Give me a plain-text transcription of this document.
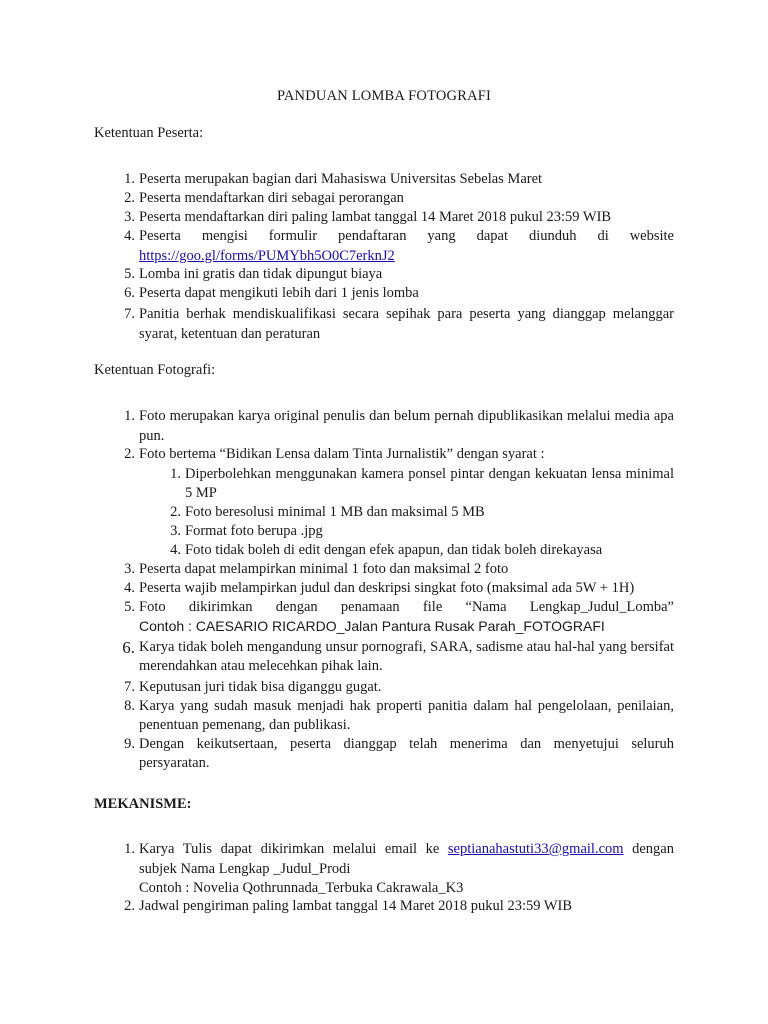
PANDUAN LOMBA FOTOGRAFI
Ketentuan Peserta:
1. Peserta merupakan bagian dari Mahasiswa Universitas Sebelas Maret
2. Peserta mendaftarkan diri sebagai perorangan
3. Peserta mendaftarkan diri paling lambat tanggal 14 Maret 2018 pukul 23:59 WIB
4. Peserta mengisi formulir pendaftaran yang dapat diunduh di website
https://goo.gl/forms/PUMYbh5O0C7erknJ2
5. Lomba ini gratis dan tidak dipungut biaya
6. Peserta dapat mengikuti lebih dari 1 jenis lomba
7. Panitia berhak mendiskualifikasi secara sepihak para peserta yang dianggap melanggar syarat, ketentuan dan peraturan
Ketentuan Fotografi:
1. Foto merupakan karya original penulis dan belum pernah dipublikasikan melalui media apa pun.
2. Foto bertema “Bidikan Lensa dalam Tinta Jurnalistik” dengan syarat :
1. Diperbolehkan menggunakan kamera ponsel pintar dengan kekuatan lensa minimal 5 MP
2. Foto beresolusi minimal 1 MB dan maksimal 5 MB
3. Format foto berupa .jpg
4. Foto tidak boleh di edit dengan efek apapun, dan tidak boleh direkayasa
3. Peserta dapat melampirkan minimal 1 foto dan maksimal 2 foto
4. Peserta wajib melampirkan judul dan deskripsi singkat foto (maksimal ada 5W + 1H)
5. Foto dikirimkan dengan penamaan file “Nama Lengkap_Judul_Lomba”
Contoh : CAESARIO RICARDO_Jalan Pantura Rusak Parah_FOTOGRAFI
6. Karya tidak boleh mengandung unsur pornografi, SARA, sadisme atau hal-hal yang bersifat merendahkan atau melecehkan pihak lain.
7. Keputusan juri tidak bisa diganggu gugat.
8. Karya yang sudah masuk menjadi hak properti panitia dalam hal pengelolaan, penilaian, penentuan pemenang, dan publikasi.
9. Dengan keikutsertaan, peserta dianggap telah menerima dan menyetujui seluruh persyaratan.
MEKANISME:
1. Karya Tulis dapat dikirimkan melalui email ke septianahastuti33@gmail.com dengan
subjek Nama Lengkap _Judul_Prodi
Contoh : Novelia Qothrunnada_Terbuka Cakrawala_K3
2. Jadwal pengiriman paling lambat tanggal 14 Maret 2018 pukul 23:59 WIB
